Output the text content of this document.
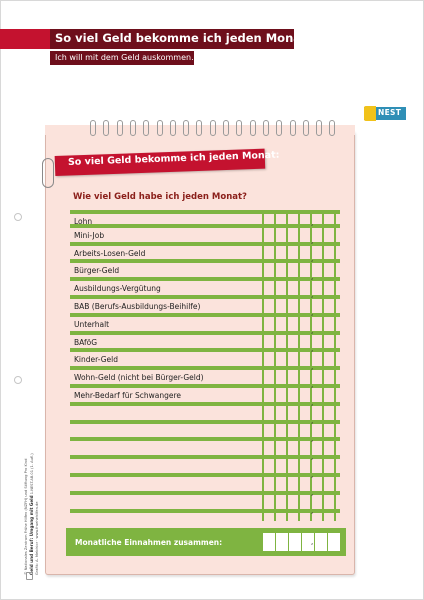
So viel Geld bekomme ich jeden Monat
Ich will mit dem Geld auskommen.
NEST
© Nationales Zentrum Frühe Hilfen (NZFH) und Stiftung Pro Kind Geld und Beruf: Umgang mit Geld 1.NEST.AB.01 (1. Aufl.)
Grafik: A. Melchior · www.fruehehilfen.de
So viel Geld bekomme ich jeden Monat:
Wie viel Geld habe ich jeden Monat?
Lohn
Mini-Job
Arbeits-Losen-Geld
Bürger-Geld
Ausbildungs-Vergütung
BAB (Berufs-Ausbildungs-Beihilfe)
Unterhalt
BAföG
Kinder-Geld
Wohn-Geld (nicht bei Bürger-Geld)
Mehr-Bedarf für Schwangere
,
,
,
,
,
,
,
,
,
,
,
,
,
,
,
,
,
Monatliche Einnahmen zusammen:	,
